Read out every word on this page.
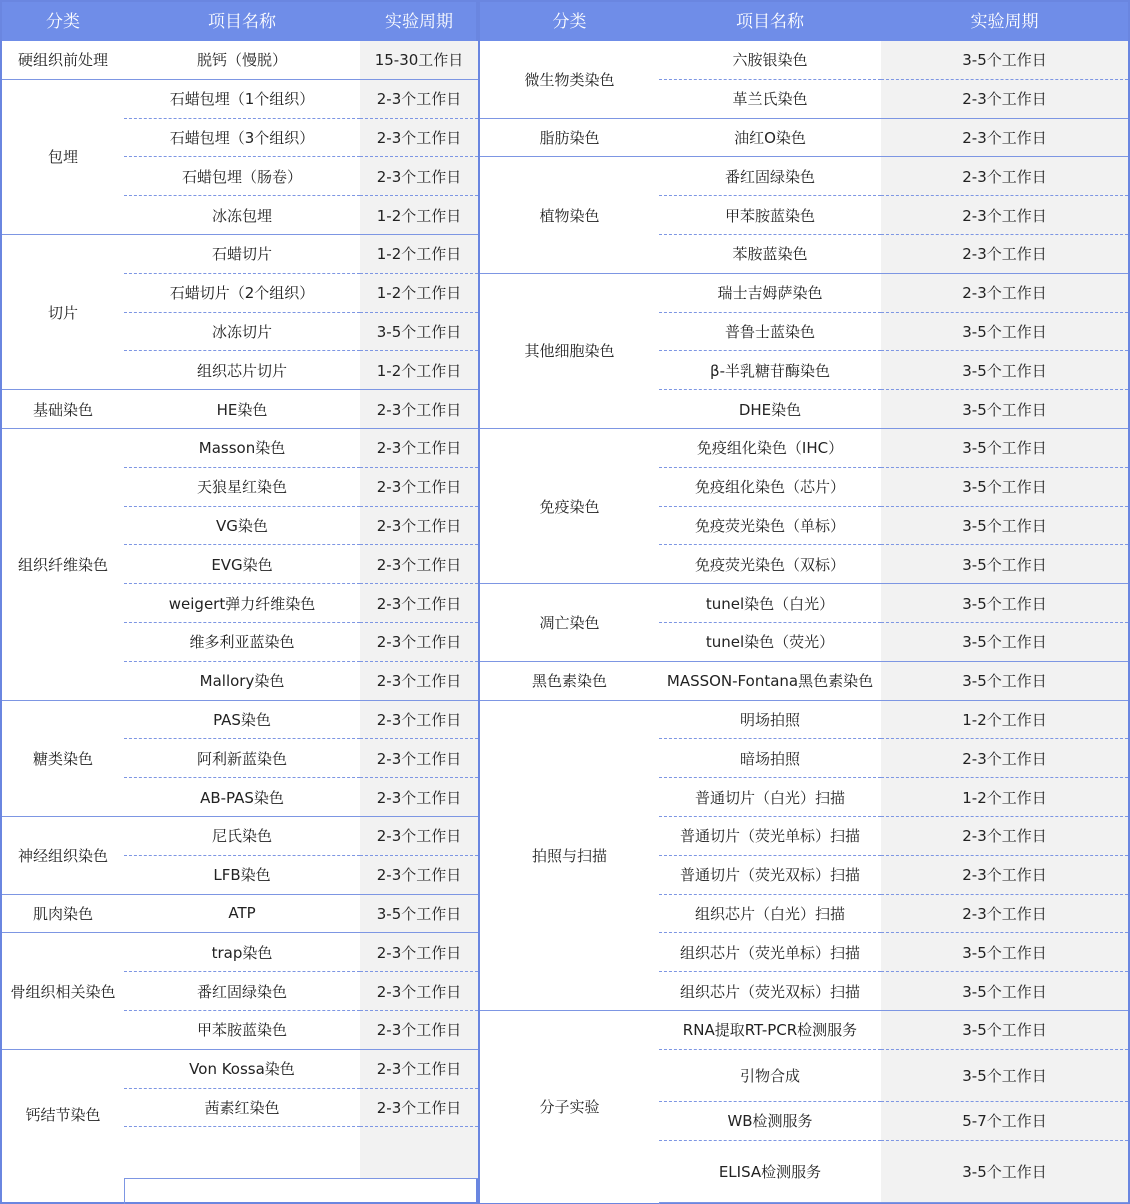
分类	项目名称	实验周期
脱钙（慢脱）	15-30工作日
硬组织前处理
石蜡包埋（1个组织）	2-3个工作日
石蜡包埋（3个组织）	2-3个工作日
石蜡包埋（肠卷）	2-3个工作日
冰冻包埋	1-2个工作日
包埋
石蜡切片	1-2个工作日
石蜡切片（2个组织）	1-2个工作日
冰冻切片	3-5个工作日
组织芯片切片	1-2个工作日
切片
HE染色	2-3个工作日
基础染色
Masson染色	2-3个工作日
天狼星红染色	2-3个工作日
VG染色	2-3个工作日
EVG染色	2-3个工作日
weigert弹力纤维染色	2-3个工作日
维多利亚蓝染色	2-3个工作日
Mallory染色	2-3个工作日
组织纤维染色
PAS染色	2-3个工作日
阿利新蓝染色	2-3个工作日
AB-PAS染色	2-3个工作日
糖类染色
尼氏染色	2-3个工作日
LFB染色	2-3个工作日
神经组织染色
ATP	3-5个工作日
肌肉染色
trap染色	2-3个工作日
番红固绿染色	2-3个工作日
甲苯胺蓝染色	2-3个工作日
骨组织相关染色
Von Kossa染色	2-3个工作日
茜素红染色	2-3个工作日
钙结节染色
分类	项目名称	实验周期
六胺银染色	3-5个工作日
革兰氏染色	2-3个工作日
微生物类染色
油红O染色	2-3个工作日
脂肪染色
番红固绿染色	2-3个工作日
甲苯胺蓝染色	2-3个工作日
苯胺蓝染色	2-3个工作日
植物染色
瑞士吉姆萨染色	2-3个工作日
普鲁士蓝染色	3-5个工作日
β-半乳糖苷酶染色	3-5个工作日
DHE染色	3-5个工作日
其他细胞染色
免疫组化染色（IHC）	3-5个工作日
免疫组化染色（芯片）	3-5个工作日
免疫荧光染色（单标）	3-5个工作日
免疫荧光染色（双标）	3-5个工作日
免疫染色
tunel染色（白光）	3-5个工作日
tunel染色（荧光）	3-5个工作日
凋亡染色
MASSON-Fontana黑色素染色	3-5个工作日
黑色素染色
明场拍照	1-2个工作日
暗场拍照	2-3个工作日
普通切片（白光）扫描	1-2个工作日
普通切片（荧光单标）扫描	2-3个工作日
普通切片（荧光双标）扫描	2-3个工作日
组织芯片（白光）扫描	2-3个工作日
组织芯片（荧光单标）扫描	3-5个工作日
组织芯片（荧光双标）扫描	3-5个工作日
拍照与扫描
RNA提取RT-PCR检测服务	3-5个工作日
引物合成	3-5个工作日
WB检测服务	5-7个工作日
ELISA检测服务	3-5个工作日
分子实验
